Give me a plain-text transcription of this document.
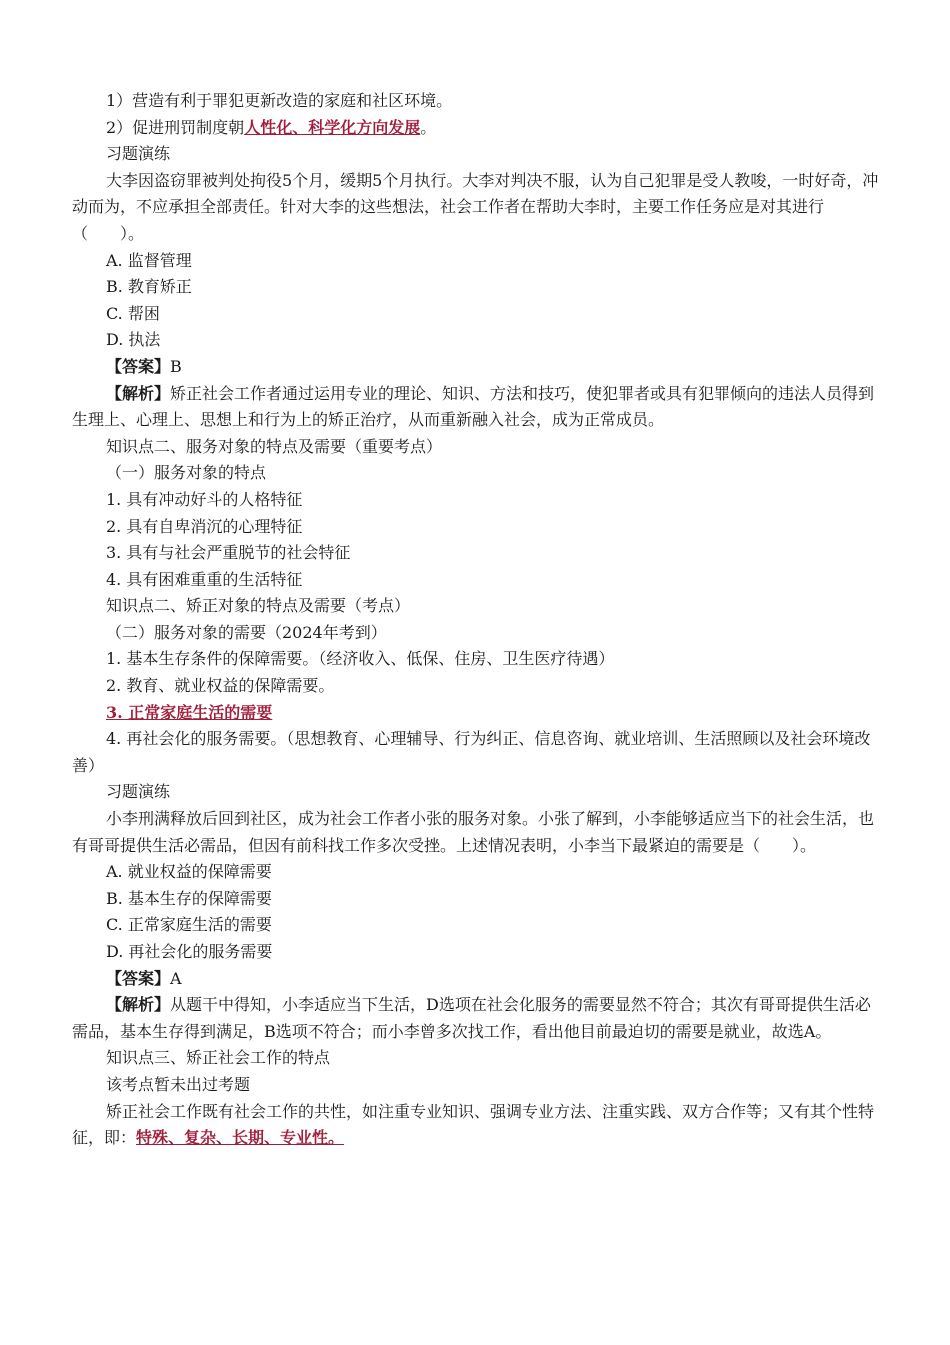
1）营造有利于罪犯更新改造的家庭和社区环境。

2）促进刑罚制度朝人性化、科学化方向发展。

习题演练

大李因盗窃罪被判处拘役5个月，缓期5个月执行。大李对判决不服，认为自己犯罪是受人教唆，一时好奇，冲动而为，不应承担全部责任。针对大李的这些想法，社会工作者在帮助大李时，主要工作任务应是对其进行（　　）。

A. 监督管理

B. 教育矫正

C. 帮困

D. 执法

【答案】B

【解析】矫正社会工作者通过运用专业的理论、知识、方法和技巧，使犯罪者或具有犯罪倾向的违法人员得到生理上、心理上、思想上和行为上的矫正治疗，从而重新融入社会，成为正常成员。

知识点二、服务对象的特点及需要（重要考点）

（一）服务对象的特点

1. 具有冲动好斗的人格特征

2. 具有自卑消沉的心理特征

3. 具有与社会严重脱节的社会特征

4. 具有困难重重的生活特征

知识点二、矫正对象的特点及需要（考点）

（二）服务对象的需要（2024年考到）

1. 基本生存条件的保障需要。（经济收入、低保、住房、卫生医疗待遇）

2. 教育、就业权益的保障需要。

3. 正常家庭生活的需要

4. 再社会化的服务需要。（思想教育、心理辅导、行为纠正、信息咨询、就业培训、生活照顾以及社会环境改善）

习题演练

小李刑满释放后回到社区，成为社会工作者小张的服务对象。小张了解到，小李能够适应当下的社会生活，也有哥哥提供生活必需品，但因有前科找工作多次受挫。上述情况表明，小李当下最紧迫的需要是（　　）。

A. 就业权益的保障需要

B. 基本生存的保障需要

C. 正常家庭生活的需要

D. 再社会化的服务需要

【答案】A

【解析】从题干中得知，小李适应当下生活，D选项在社会化服务的需要显然不符合；其次有哥哥提供生活必需品，基本生存得到满足，B选项不符合；而小李曾多次找工作，看出他目前最迫切的需要是就业，故选A。

知识点三、矫正社会工作的特点

该考点暂未出过考题

矫正社会工作既有社会工作的共性，如注重专业知识、强调专业方法、注重实践、双方合作等；又有其个性特征，即：特殊、复杂、长期、专业性。
